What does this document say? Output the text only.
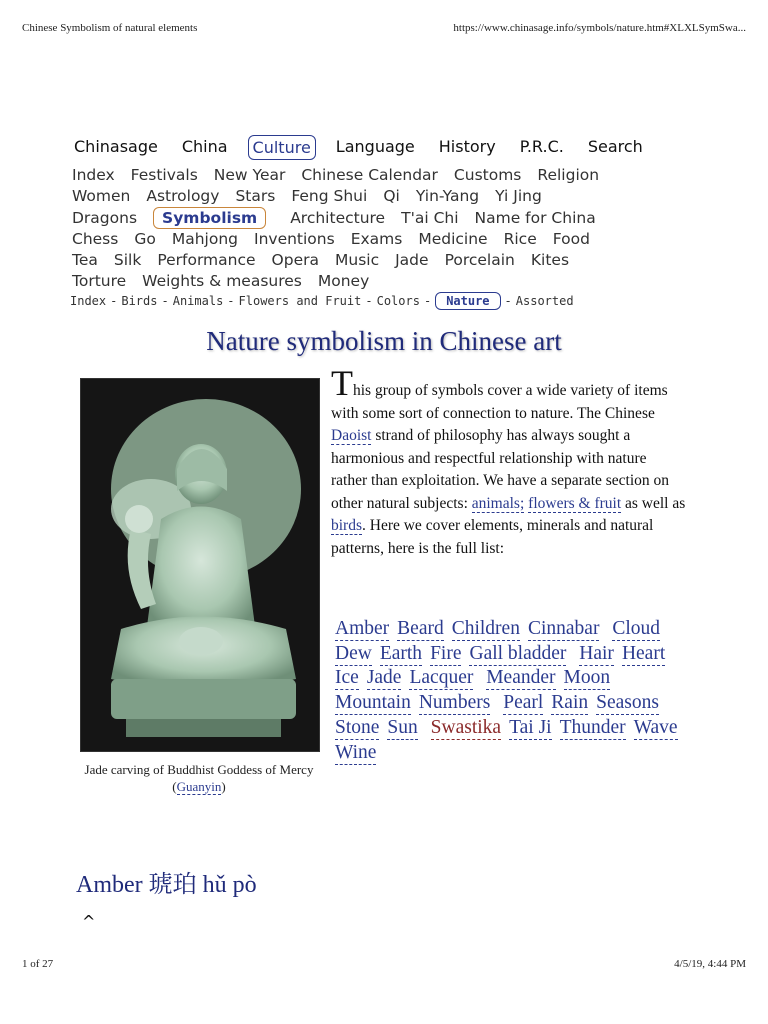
Chinese Symbolism of natural elements	https://www.chinasage.info/symbols/nature.htm#XLXLSymSwa...
Chinasage China	Culture	Language History P.R.C. Search
Index Festivals New Year Chinese Calendar Customs Religion
Women Astrology Stars Feng Shui Qi Yin-Yang Yi Jing
Dragons Symbolism Architecture T'ai Chi Name for China
Chess Go Mahjong Inventions Exams Medicine Rice Food
Tea Silk Performance Opera Music Jade Porcelain Kites
Torture Weights & measures Money
Index - Birds - Animals - Flowers and Fruit - Colors - Nature - Assorted
Nature symbolism in Chinese art
Jade carving of Buddhist Goddess of Mercy (Guanyin)
This group of symbols cover a wide variety of items with some sort of connection to nature. The Chinese Daoist strand of philosophy has always sought a harmonious and respectful relationship with nature rather than exploitation. We have a separate section on other natural subjects: animals; flowers & fruit as well as birds. Here we cover elements, minerals and natural patterns, here is the full list:
Amber Beard Children Cinnabar CloudDew Earth Fire Gall bladder Hair HeartIce Jade Lacquer Meander MoonMountain Numbers Pearl Rain SeasonsStone Sun Swastika Tai Ji Thunder WaveWine
Amber 琥珀 hǔ pò
^
1 of 27	4/5/19, 4:44 PM
